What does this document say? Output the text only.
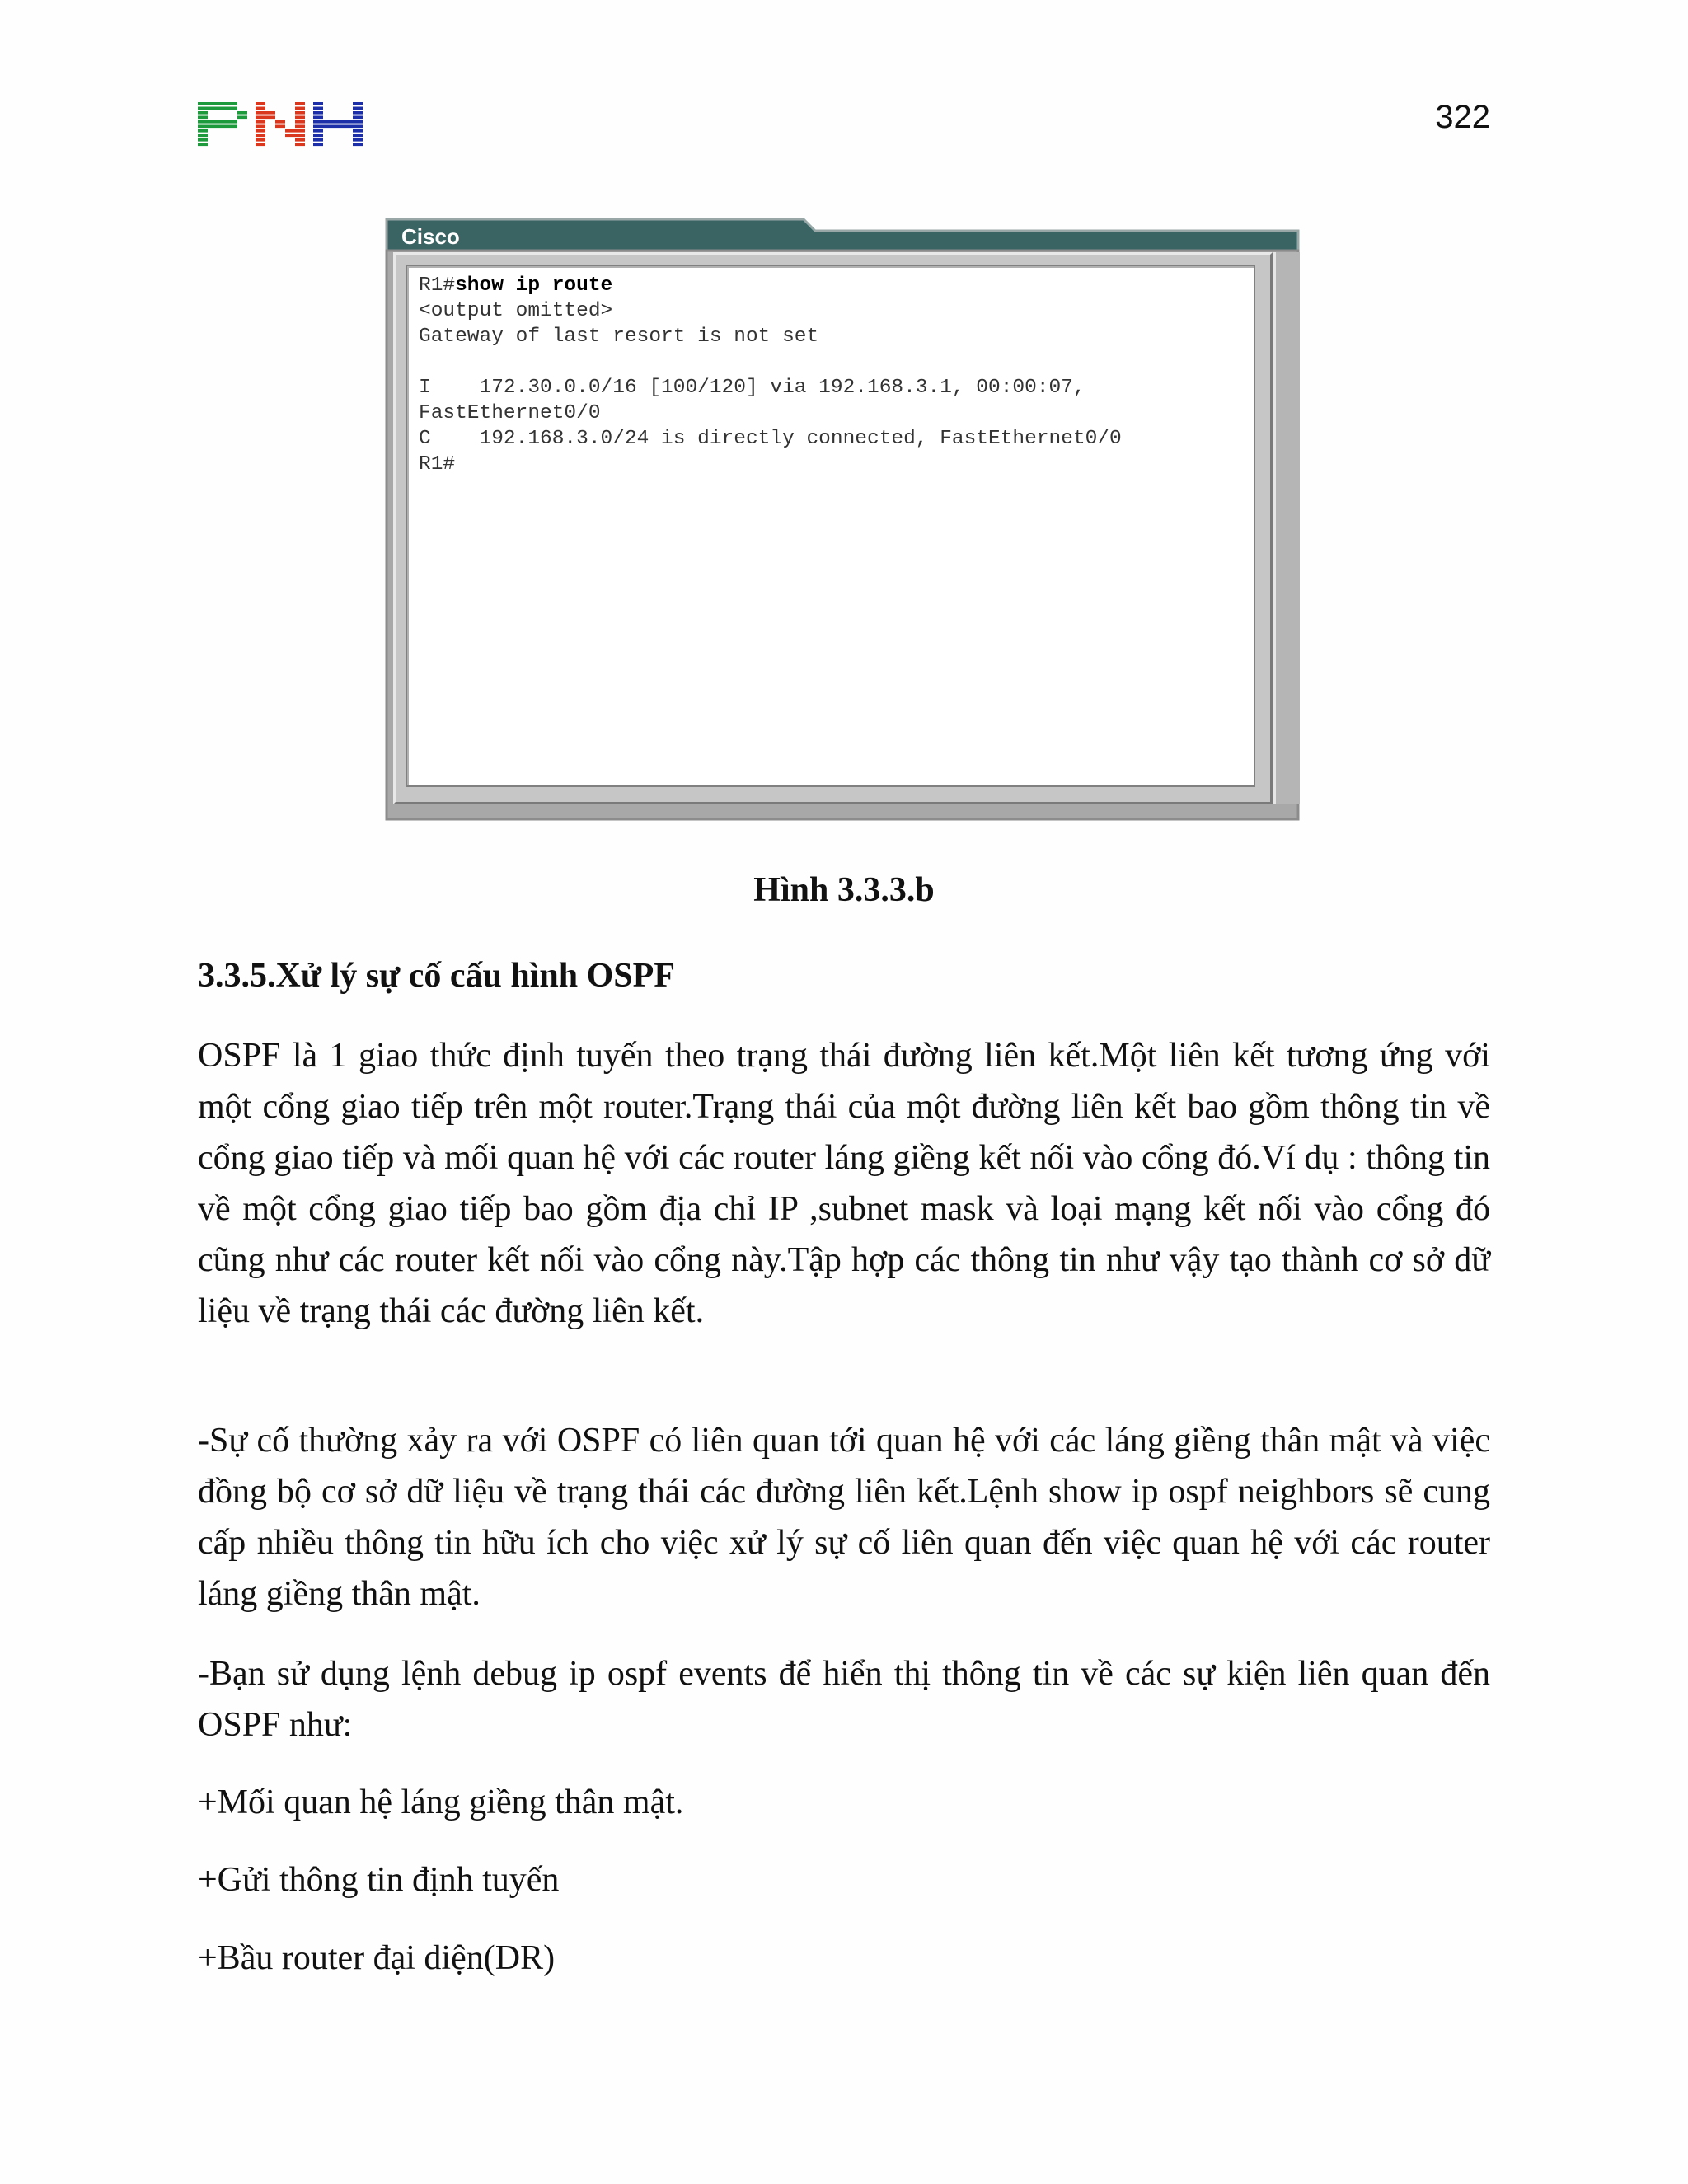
322
Cisco
R1#show ip route
<output omitted>
Gateway of last resort is not set
I    172.30.0.0/16 [100/120] via 192.168.3.1, 00:00:07,
FastEthernet0/0
C    192.168.3.0/24 is directly connected, FastEthernet0/0
R1#
Hình 3.3.3.b
3.3.5.Xử lý sự cố cấu hình OSPF
OSPF là 1 giao thức định tuyến theo trạng thái đường liên kết.Một liên kết tương ứng với một cổng giao tiếp trên một router.Trạng thái của một đường liên kết bao gồm thông tin về cổng giao tiếp và mối quan hệ với các router láng giềng kết nối vào cổng đó.Ví dụ : thông tin về một cổng giao tiếp bao gồm địa chỉ IP ,subnet mask và loại mạng kết nối vào cổng đó cũng như các router kết nối vào cổng này.Tập hợp các thông tin như vậy tạo thành cơ sở dữ liệu về trạng thái các đường liên kết.
-Sự cố thường xảy ra với OSPF có liên quan tới quan hệ với các láng giềng thân mật và việc đồng bộ cơ sở dữ liệu về trạng thái các đường liên kết.Lệnh show ip ospf neighbors sẽ cung cấp nhiều thông tin hữu ích cho việc xử lý sự cố liên quan đến việc quan hệ với các router láng giềng thân mật.
-Bạn sử dụng lệnh debug ip ospf events để hiển thị thông tin về các sự kiện liên quan đến OSPF như:
+Mối quan hệ láng giềng thân mật.
+Gửi thông tin định tuyến
+Bầu router đại diện(DR)
